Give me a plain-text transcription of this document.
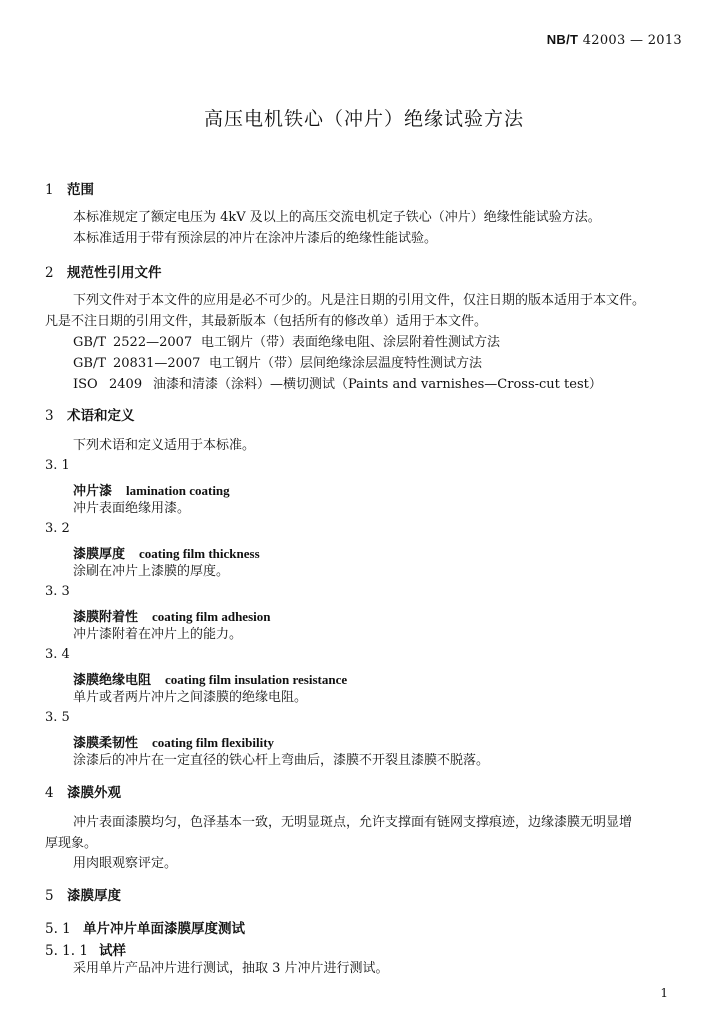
NB/T 42003 — 2013
高压电机铁心（冲片）绝缘试验方法
1 范围
本标准规定了额定电压为 4kV 及以上的高压交流电机定子铁心（冲片）绝缘性能试验方法。
本标准适用于带有预涂层的冲片在涂冲片漆后的绝缘性能试验。
2 规范性引用文件
下列文件对于本文件的应用是必不可少的。凡是注日期的引用文件，仅注日期的版本适用于本文件。
凡是不注日期的引用文件，其最新版本（包括所有的修改单）适用于本文件。
GB/T 2522—2007 电工钢片（带）表面绝缘电阻、涂层附着性测试方法
GB/T 20831—2007 电工钢片（带）层间绝缘涂层温度特性测试方法
ISO 2409 油漆和清漆（涂料）—横切测试（Paints and varnishes—Cross-cut test）
3 术语和定义
下列术语和定义适用于本标准。
3. 1
冲片漆 lamination coating
冲片表面绝缘用漆。
3. 2
漆膜厚度 coating film thickness
涂刷在冲片上漆膜的厚度。
3. 3
漆膜附着性 coating film adhesion
冲片漆附着在冲片上的能力。
3. 4
漆膜绝缘电阻 coating film insulation resistance
单片或者两片冲片之间漆膜的绝缘电阻。
3. 5
漆膜柔韧性 coating film flexibility
涂漆后的冲片在一定直径的铁心杆上弯曲后，漆膜不开裂且漆膜不脱落。
4 漆膜外观
冲片表面漆膜均匀，色泽基本一致，无明显斑点，允许支撑面有链网支撑痕迹，边缘漆膜无明显增
厚现象。
用肉眼观察评定。
5 漆膜厚度
5. 1 单片冲片单面漆膜厚度测试
5. 1. 1 试样
采用单片产品冲片进行测试，抽取 3 片冲片进行测试。
1
